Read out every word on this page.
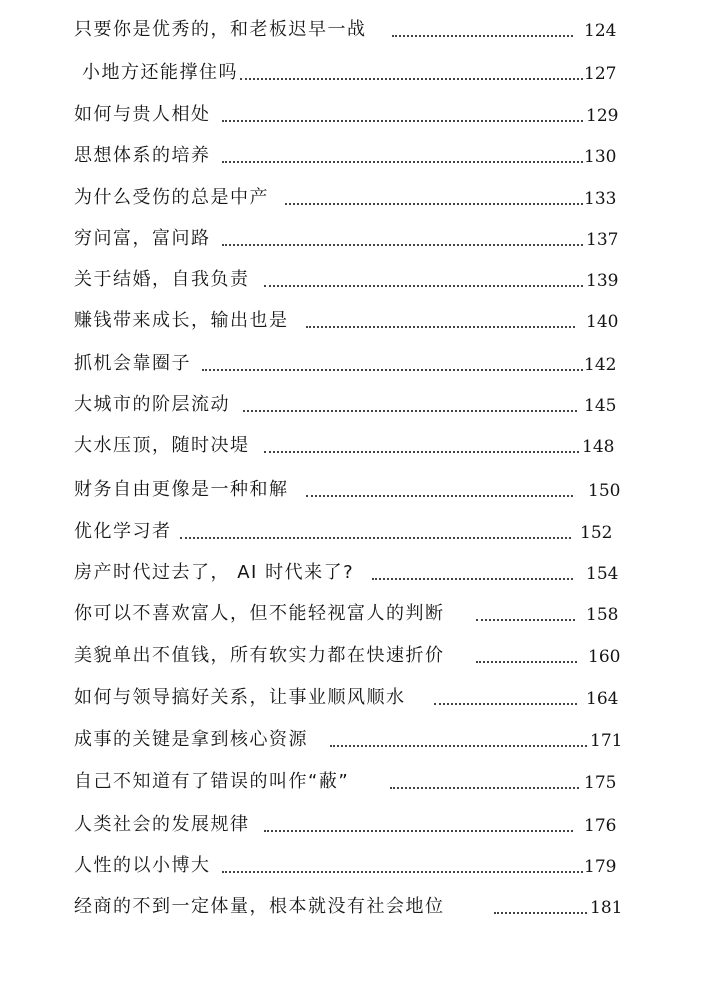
只要你是优秀的，和老板迟早一战	124
小地方还能撑住吗	127
如何与贵人相处	129
思想体系的培养	130
为什么受伤的总是中产	133
穷问富，富问路	137
关于结婚，自我负责	139
赚钱带来成长，输出也是	140
抓机会靠圈子	142
大城市的阶层流动	145
大水压顶，随时决堤	148
财务自由更像是一种和解	150
优化学习者	152
房产时代过去了， AI 时代来了?	154
你可以不喜欢富人，但不能轻视富人的判断	158
美貌单出不值钱，所有软实力都在快速折价	160
如何与领导搞好关系，让事业顺风顺水	164
成事的关键是拿到核心资源	171
自己不知道有了错误的叫作“蔽”	175
人类社会的发展规律	176
人性的以小博大	179
经商的不到一定体量，根本就没有社会地位	181
